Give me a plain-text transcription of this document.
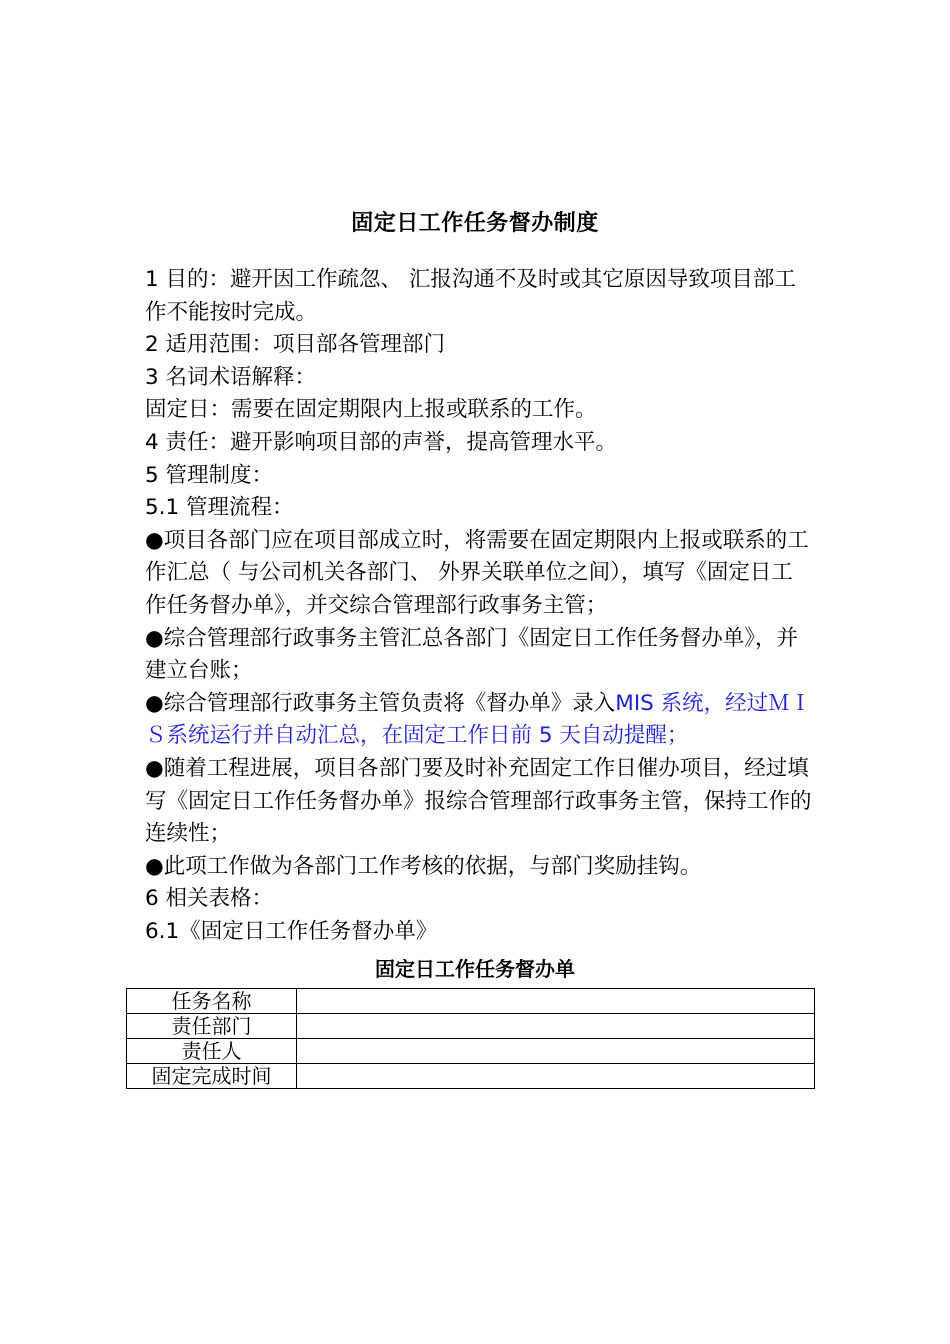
固定日工作任务督办制度

1 目的：避开因工作疏忽、 汇报沟通不及时或其它原因导致项目部工作不能按时完成。

2 适用范围：项目部各管理部门

3 名词术语解释：

固定日：需要在固定期限内上报或联系的工作。

4 责任：避开影响项目部的声誉，提高管理水平。

5 管理制度：

5.1 管理流程：

●项目各部门应在项目部成立时，将需要在固定期限内上报或联系的工作汇总（ 与公司机关各部门、 外界关联单位之间），填写《固定日工作任务督办单》，并交综合管理部行政事务主管；

●综合管理部行政事务主管汇总各部门《固定日工作任务督办单》，并建立台账；

●综合管理部行政事务主管负责将《督办单》录入MIS 系统，经过ＭＩＳ系统运行并自动汇总，在固定工作日前 5 天自动提醒；

●随着工程进展，项目各部门要及时补充固定工作日催办项目，经过填写《固定日工作任务督办单》报综合管理部行政事务主管，保持工作的连续性；

●此项工作做为各部门工作考核的依据，与部门奖励挂钩。

6 相关表格：

6.1《固定日工作任务督办单》

固定日工作任务督办单
任务名称	
责任部门	
责任人	
固定完成时间	
